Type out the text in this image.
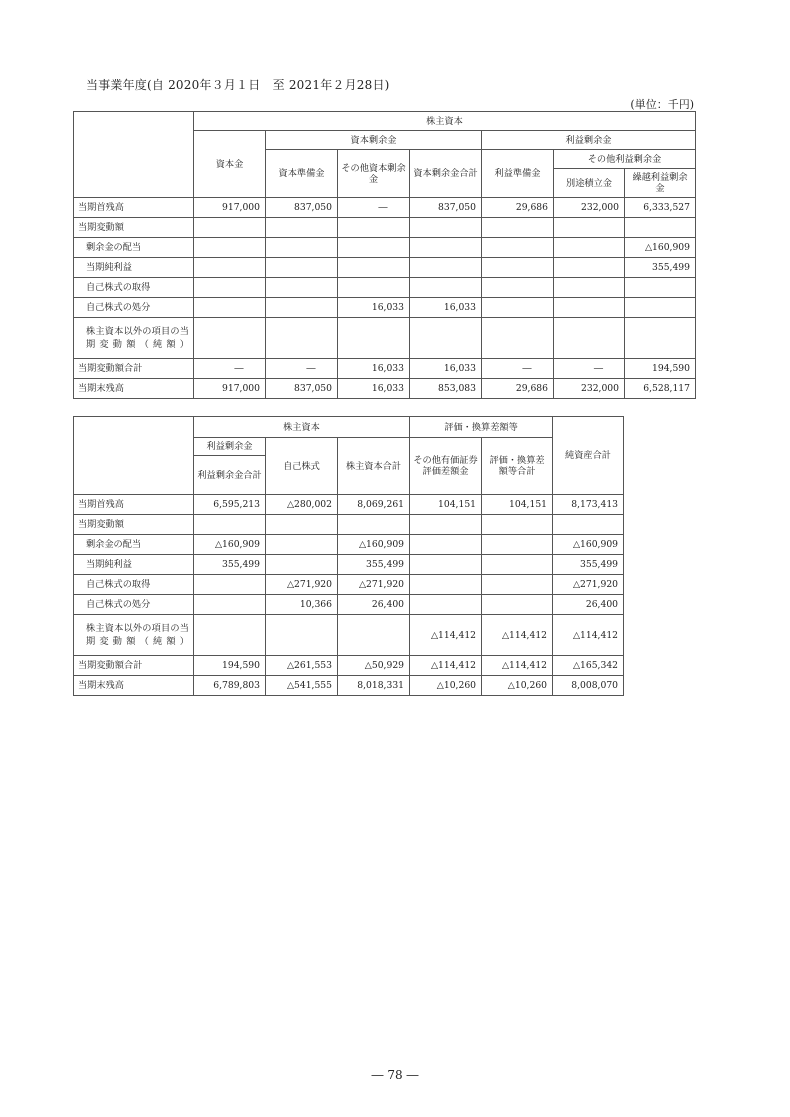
当事業年度(自 2020年３月１日　至 2021年２月28日)
(単位：千円)
	株主資本						
	資本金	資本剰余金			利益剰余金		
		資本準備金	その他資本剰余金	資本剰余金合計	利益準備金	その他利益剰余金	
						別途積立金	繰越利益剰余金
当期首残高	917,000	837,050	―	837,050	29,686	232,000	6,333,527
当期変動額							
剰余金の配当							△160,909
当期純利益							355,499
自己株式の取得							
自己株式の処分			16,033	16,033			
株主資本以外の項目の当期変動額（純額）							
当期変動額合計	―	―	16,033	16,033	―	―	194,590
当期末残高	917,000	837,050	16,033	853,083	29,686	232,000	6,528,117
	株主資本			評価・換算差額等		純資産合計
	利益剰余金	自己株式	株主資本合計	その他有価証券評価差額金	評価・換算差額等合計	
	利益剰余金合計					
当期首残高	6,595,213	△280,002	8,069,261	104,151	104,151	8,173,413
当期変動額						
剰余金の配当	△160,909		△160,909			△160,909
当期純利益	355,499		355,499			355,499
自己株式の取得		△271,920	△271,920			△271,920
自己株式の処分		10,366	26,400			26,400
株主資本以外の項目の当期変動額（純額）				△114,412	△114,412	△114,412
当期変動額合計	194,590	△261,553	△50,929	△114,412	△114,412	△165,342
当期末残高	6,789,803	△541,555	8,018,331	△10,260	△10,260	8,008,070
― 78 ―
